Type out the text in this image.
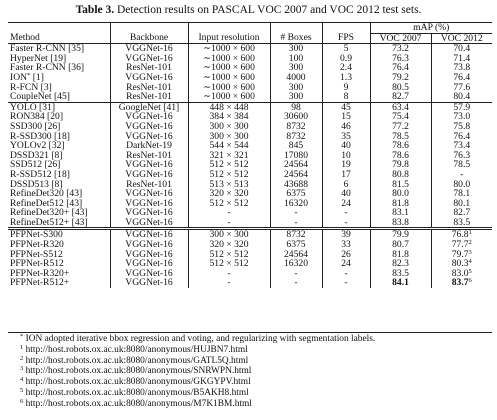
Table 3. Detection results on PASCAL VOC 2007 and VOC 2012 test sets.
					mAP (%)	
Method	Backbone	Input resolution	# Boxes	FPS	VOC 2007	VOC 2012
Faster R-CNN [35]	VGGNet-16	∼1000 × 600	300	5	73.2	70.4
HyperNet [19]	VGGNet-16	∼1000 × 600	100	0.9	76.3	71.4
Faster R-CNN [36]	ResNet-101	∼1000 × 600	300	2.4	76.4	73.8
ION* [1]	VGGNet-16	∼1000 × 600	4000	1.3	79.2	76.4
R-FCN [3]	ResNet-101	∼1000 × 600	300	9	80.5	77.6
CoupleNet [45]	ResNet-101	∼1000 × 600	300	8	82.7	80.4
YOLO [31]	GoogleNet [41]	448 × 448	98	45	63.4	57.9
RON384 [20]	VGGNet-16	384 × 384	30600	15	75.4	73.0
SSD300 [26]	VGGNet-16	300 × 300	8732	46	77.2	75.8
R-SSD300 [18]	VGGNet-16	300 × 300	8732	35	78.5	76.4
YOLOv2 [32]	DarkNet-19	544 × 544	845	40	78.6	73.4
DSSD321 [8]	ResNet-101	321 × 321	17080	10	78.6	76.3
SSD512 [26]	VGGNet-16	512 × 512	24564	19	79.8	78.5
R-SSD512 [18]	VGGNet-16	512 × 512	24564	17	80.8	-
DSSD513 [8]	ResNet-101	513 × 513	43688	6	81.5	80.0
RefineDet320 [43]	VGGNet-16	320 × 320	6375	40	80.0	78.1
RefineDet512 [43]	VGGNet-16	512 × 512	16320	24	81.8	80.1
RefineDet320+ [43]	VGGNet-16	-	-	-	83.1	82.7
RefineDet512+ [43]	VGGNet-16	-	-	-	83.8	83.5
PFPNet-S300	VGGNet-16	300 × 300	8732	39	79.9	76.8$^1$
PFPNet-R320	VGGNet-16	320 × 320	6375	33	80.7	77.7$^2$
PFPNet-S512	VGGNet-16	512 × 512	24564	26	81.8	79.7$^3$
PFPNet-R512	VGGNet-16	512 × 512	16320	24	82.3	80.3$^4$
PFPNet-R320+	VGGNet-16	-	-	-	83.5	83.0$^5$
PFPNet-R512+	VGGNet-16	-	-	-	84.1	83.7$^6$
* ION adopted iterative bbox regression and voting, and regularizing with segmentation labels.
$^1$ http://host.robots.ox.ac.uk:8080/anonymous/HUJBN7.html
$^2$ http://host.robots.ox.ac.uk:8080/anonymous/GATL5Q.html
$^3$ http://host.robots.ox.ac.uk:8080/anonymous/SNRWPN.html
$^4$ http://host.robots.ox.ac.uk:8080/anonymous/GKGYPV.html
$^5$ http://host.robots.ox.ac.uk:8080/anonymous/B5AKH8.html
$^6$ http://host.robots.ox.ac.uk:8080/anonymous/M7K1BM.html
